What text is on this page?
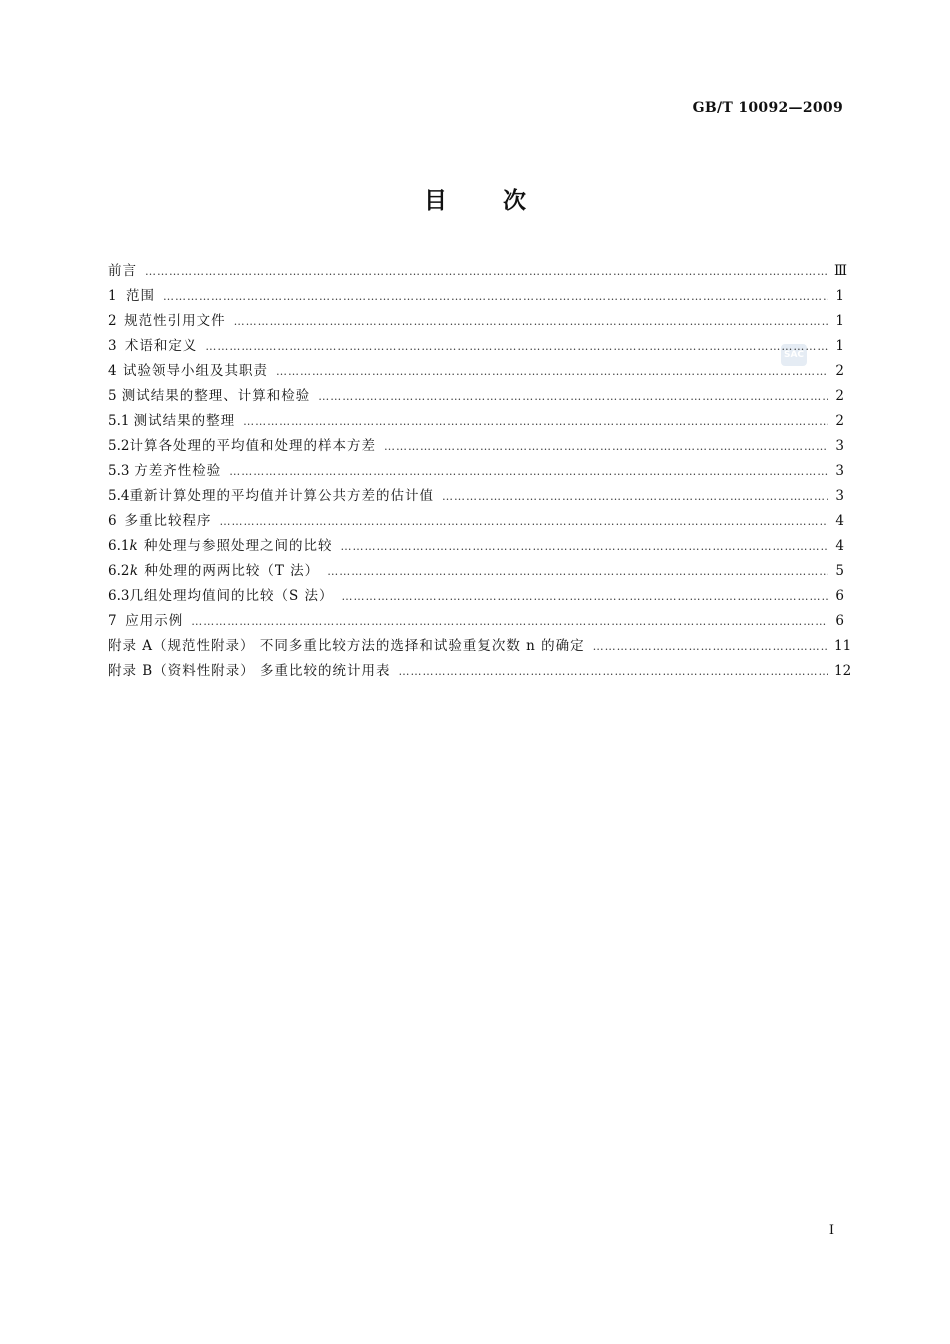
GB/T 10092—2009
目 次
SAC
前言 ……………………………………………………………………………………………………………………………………………………………………………………………………………………	Ⅲ
1 范围 ……………………………………………………………………………………………………………………………………………………………………………………………………………………	1
2 规范性引用文件 ……………………………………………………………………………………………………………………………………………………………………………………………………………………	1
3 术语和定义 ……………………………………………………………………………………………………………………………………………………………………………………………………………………	1
4 试验领导小组及其职责 ……………………………………………………………………………………………………………………………………………………………………………………………………………………	2
5 测试结果的整理、计算和检验 ……………………………………………………………………………………………………………………………………………………………………………………………………………………	2
5.1 测试结果的整理 ……………………………………………………………………………………………………………………………………………………………………………………………………………………	2
5.2 计算各处理的平均值和处理的样本方差 ……………………………………………………………………………………………………………………………………………………………………………………………………………………	3
5.3 方差齐性检验 ……………………………………………………………………………………………………………………………………………………………………………………………………………………	3
5.4 重新计算处理的平均值并计算公共方差的估计值 ……………………………………………………………………………………………………………………………………………………………………………………………………………………	3
6 多重比较程序 ……………………………………………………………………………………………………………………………………………………………………………………………………………………	4
6.1 k 种处理与参照处理之间的比较 ……………………………………………………………………………………………………………………………………………………………………………………………………………………	4
6.2 k 种处理的两两比较（T 法） ……………………………………………………………………………………………………………………………………………………………………………………………………………………	5
6.3 几组处理均值间的比较（S 法） ……………………………………………………………………………………………………………………………………………………………………………………………………………………	6
7 应用示例 ……………………………………………………………………………………………………………………………………………………………………………………………………………………	6
附录 A（规范性附录） 不同多重比较方法的选择和试验重复次数 n 的确定 ……………………………………………………………………………………………………………………………………………………………………………………………………………………	11
附录 B（资料性附录） 多重比较的统计用表 ……………………………………………………………………………………………………………………………………………………………………………………………………………………	12
I
